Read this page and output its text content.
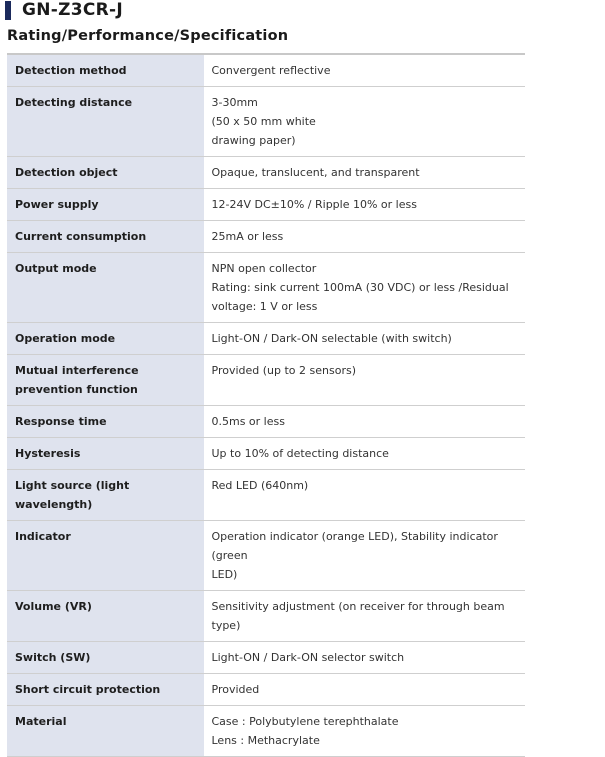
GN-Z3CR-J
Rating/Performance/Specification
Detection method	Convergent reflective

Detecting distance	3-30mm
(50 x 50 mm white
drawing paper)

Detection object	Opaque, translucent, and transparent

Power supply	12-24V DC±10% / Ripple 10% or less

Current consumption	25mA or less

Output mode	NPN open collector
Rating: sink current 100mA (30 VDC) or less /Residual
voltage: 1 V or less

Operation mode	Light-ON / Dark-ON selectable (with switch)

Mutual interference prevention function	Provided (up to 2 sensors)

Response time	0.5ms or less

Hysteresis	Up to 10% of detecting distance

Light source (light wavelength)	Red LED (640nm)

Indicator	Operation indicator (orange LED), Stability indicator (green
LED)

Volume (VR)	Sensitivity adjustment (on receiver for through beam type)

Switch (SW)	Light-ON / Dark-ON selector switch

Short circuit protection	Provided

Material	Case : Polybutylene terephthalate
Lens : Methacrylate
